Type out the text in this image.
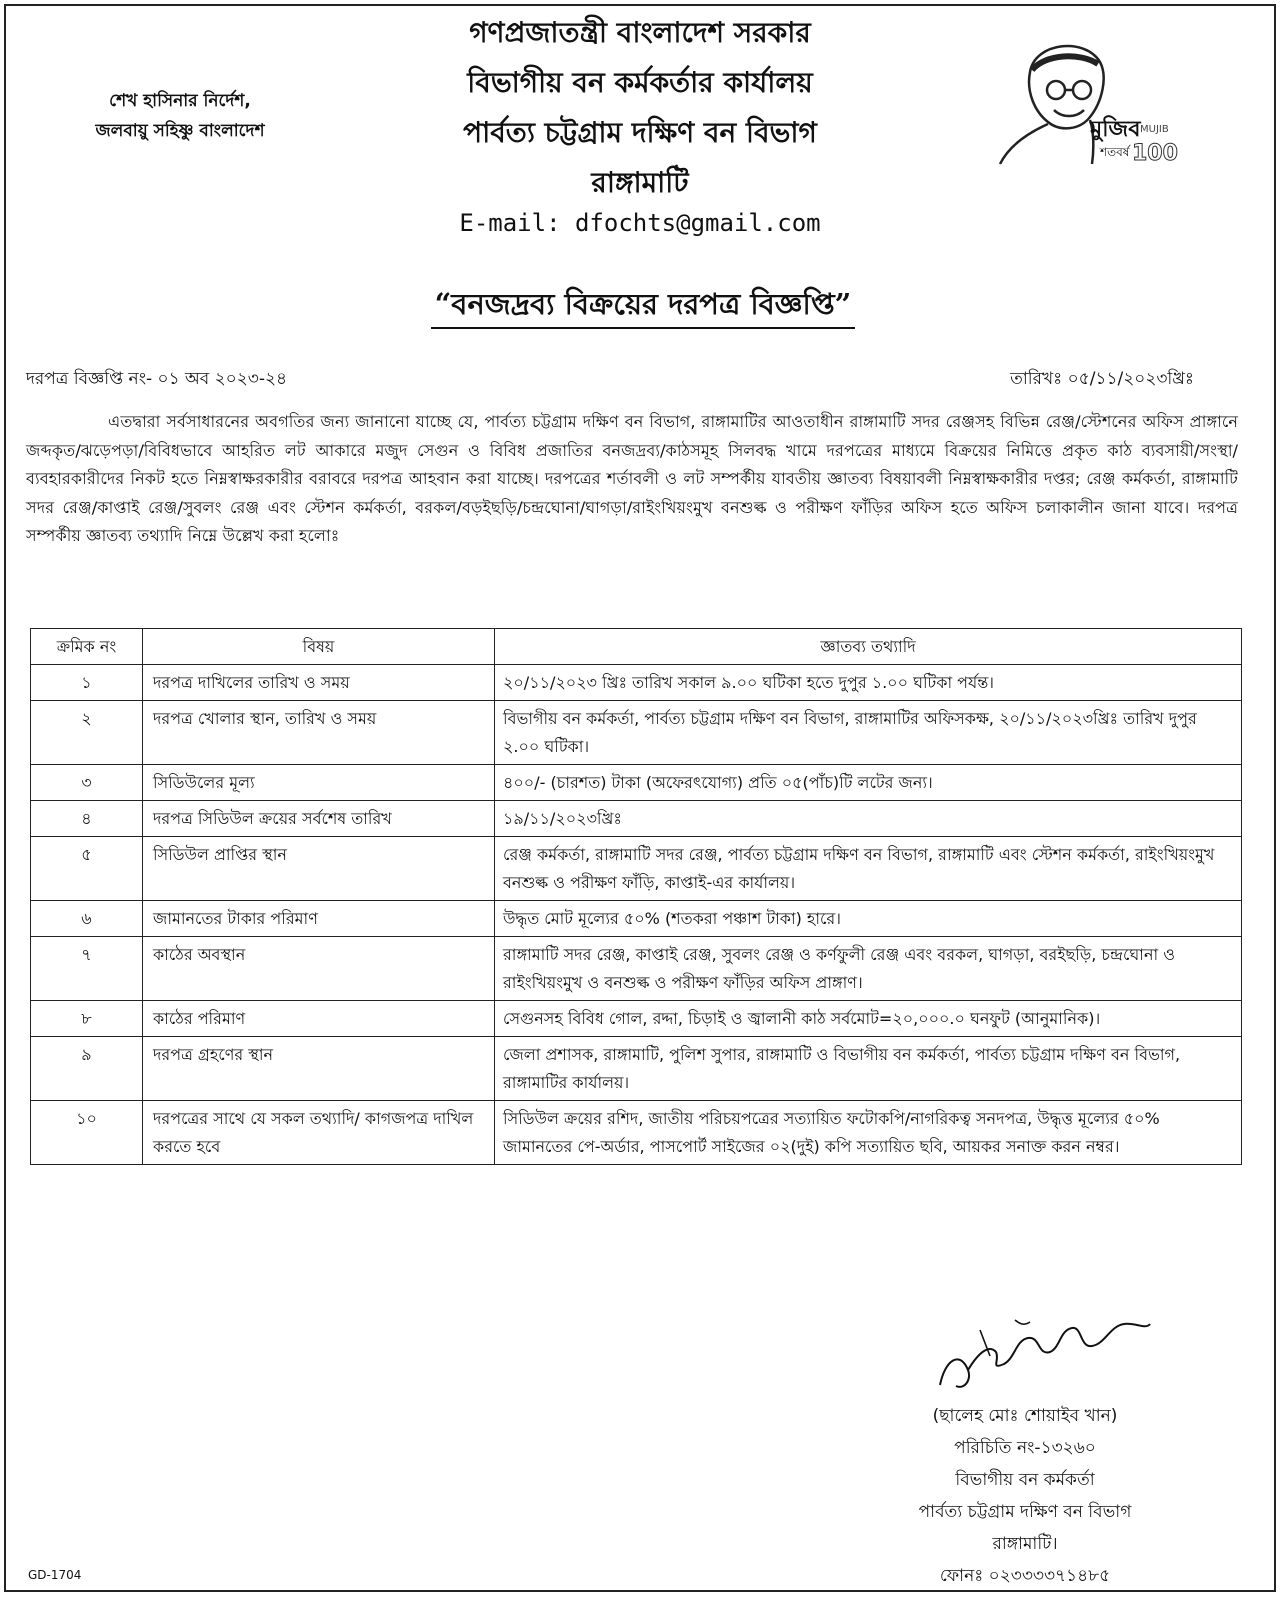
শেখ হাসিনার নির্দেশ,
জলবায়ু সহিষ্ণু বাংলাদেশ
গণপ্রজাতন্ত্রী বাংলাদেশ সরকার
বিভাগীয় বন কর্মকর্তার কার্যালয়
পার্বত্য চট্টগ্রাম দক্ষিণ বন বিভাগ
রাঙ্গামাটি
E-mail: dfochts@gmail.com
মুজিব
শতবর্ষ
MUJIB
100
“বনজদ্রব্য বিক্রয়ের দরপত্র বিজ্ঞপ্তি”
দরপত্র বিজ্ঞপ্তি নং- ০১ অব ২০২৩-২৪	তারিখঃ ০৫/১১/২০২৩খ্রিঃ
এতদ্বারা সর্বসাধারনের অবগতির জন্য জানানো যাচ্ছে যে, পার্বত্য চট্টগ্রাম দক্ষিণ বন বিভাগ, রাঙ্গামাটির আওতাধীন রাঙ্গামাটি সদর রেঞ্জসহ বিভিন্ন রেঞ্জ/স্টেশনের অফিস প্রাঙ্গানে জব্দকৃত/ঝড়েপড়া/বিবিধভাবে আহরিত লট আকারে মজুদ সেগুন ও বিবিধ প্রজাতির বনজদ্রব্য/কাঠসমূহ সিলবদ্ধ খামে দরপত্রের মাধ্যমে বিক্রয়ের নিমিত্তে প্রকৃত কাঠ ব্যবসায়ী/সংস্থা/ব্যবহারকারীদের নিকট হতে নিম্নস্বাক্ষরকারীর বরাবরে দরপত্র আহবান করা যাচ্ছে। দরপত্রের শর্তাবলী ও লট সম্পর্কীয় যাবতীয় জ্ঞাতব্য বিষয়াবলী নিম্নস্বাক্ষকারীর দপ্তর; রেঞ্জ কর্মকর্তা, রাঙ্গামাটি সদর রেঞ্জ/কাপ্তাই রেঞ্জ/সুবলং রেঞ্জ এবং স্টেশন কর্মকর্তা, বরকল/বড়ইছড়ি/চন্দ্রঘোনা/ঘাগড়া/রাইংখিয়ংমুখ বনশুল্ক ও পরীক্ষণ ফাঁড়ির অফিস হতে অফিস চলাকালীন জানা যাবে। দরপত্র সম্পর্কীয় জ্ঞাতব্য তথ্যাদি নিম্নে উল্লেখ করা হলোঃ
ক্রমিক নং	বিষয়	জ্ঞাতব্য তথ্যাদি
১	দরপত্র দাখিলের তারিখ ও সময়	২০/১১/২০২৩ খ্রিঃ তারিখ সকাল ৯.০০ ঘটিকা হতে দুপুর ১.০০ ঘটিকা পর্যন্ত।
২	দরপত্র খোলার স্থান, তারিখ ও সময়	বিভাগীয় বন কর্মকর্তা, পার্বত্য চট্টগ্রাম দক্ষিণ বন বিভাগ, রাঙ্গামাটির অফিসকক্ষ, ২০/১১/২০২৩খ্রিঃ তারিখ দুপুর ২.০০ ঘটিকা।
৩	সিডিউলের মূল্য	৪০০/- (চারশত) টাকা (অফেরৎযোগ্য) প্রতি ০৫(পাঁচ)টি লটের জন্য।
৪	দরপত্র সিডিউল ক্রয়ের সর্বশেষ তারিখ	১৯/১১/২০২৩খ্রিঃ
৫	সিডিউল প্রাপ্তির স্থান	রেঞ্জ কর্মকর্তা, রাঙ্গামাটি সদর রেঞ্জ, পার্বত্য চট্টগ্রাম দক্ষিণ বন বিভাগ, রাঙ্গামাটি এবং স্টেশন কর্মকর্তা, রাইংখিয়ংমুখ বনশুল্ক ও পরীক্ষণ ফাঁড়ি, কাপ্তাই-এর কার্যালয়।
৬	জামানতের টাকার পরিমাণ	উদ্ধৃত মোট মূল্যের ৫০% (শতকরা পঞ্চাশ টাকা) হারে।
৭	কাঠের অবস্থান	রাঙ্গামাটি সদর রেঞ্জ, কাপ্তাই রেঞ্জ, সুবলং রেঞ্জ ও কর্ণফুলী রেঞ্জ এবং বরকল, ঘাগড়া, বরইছড়ি, চন্দ্রঘোনা ও রাইংখিয়ংমুখ ও বনশুল্ক ও পরীক্ষণ ফাঁড়ির অফিস প্রাঙ্গাণ।
৮	কাঠের পরিমাণ	সেগুনসহ বিবিধ গোল, রদ্দা, চিড়াই ও জ্বালানী কাঠ সর্বমোট=২০,০০০.০ ঘনফুট (আনুমানিক)।
৯	দরপত্র গ্রহণের স্থান	জেলা প্রশাসক, রাঙ্গামাটি, পুলিশ সুপার, রাঙ্গামাটি ও বিভাগীয় বন কর্মকর্তা, পার্বত্য চট্টগ্রাম দক্ষিণ বন বিভাগ, রাঙ্গামাটির কার্যালয়।
১০	দরপত্রের সাথে যে সকল তথ্যাদি/ কাগজপত্র দাখিল করতে হবে	সিডিউল ক্রয়ের রশিদ, জাতীয় পরিচয়পত্রের সত্যায়িত ফটোকপি/নাগরিকত্ব সনদপত্র, উদ্ধৃত্ত মূল্যের ৫০% জামানতের পে-অর্ডার, পাসপোর্ট সাইজের ০২(দুই) কপি সত্যায়িত ছবি, আয়কর সনাক্ত করন নম্বর।
(ছালেহ মোঃ শোয়াইব খান)
পরিচিতি নং-১৩২৬০
বিভাগীয় বন কর্মকর্তা
পার্বত্য চট্টগ্রাম দক্ষিণ বন বিভাগ
রাঙ্গামাটি।
ফোনঃ ০২৩৩৩৩৭১৪৮৫
GD-1704
